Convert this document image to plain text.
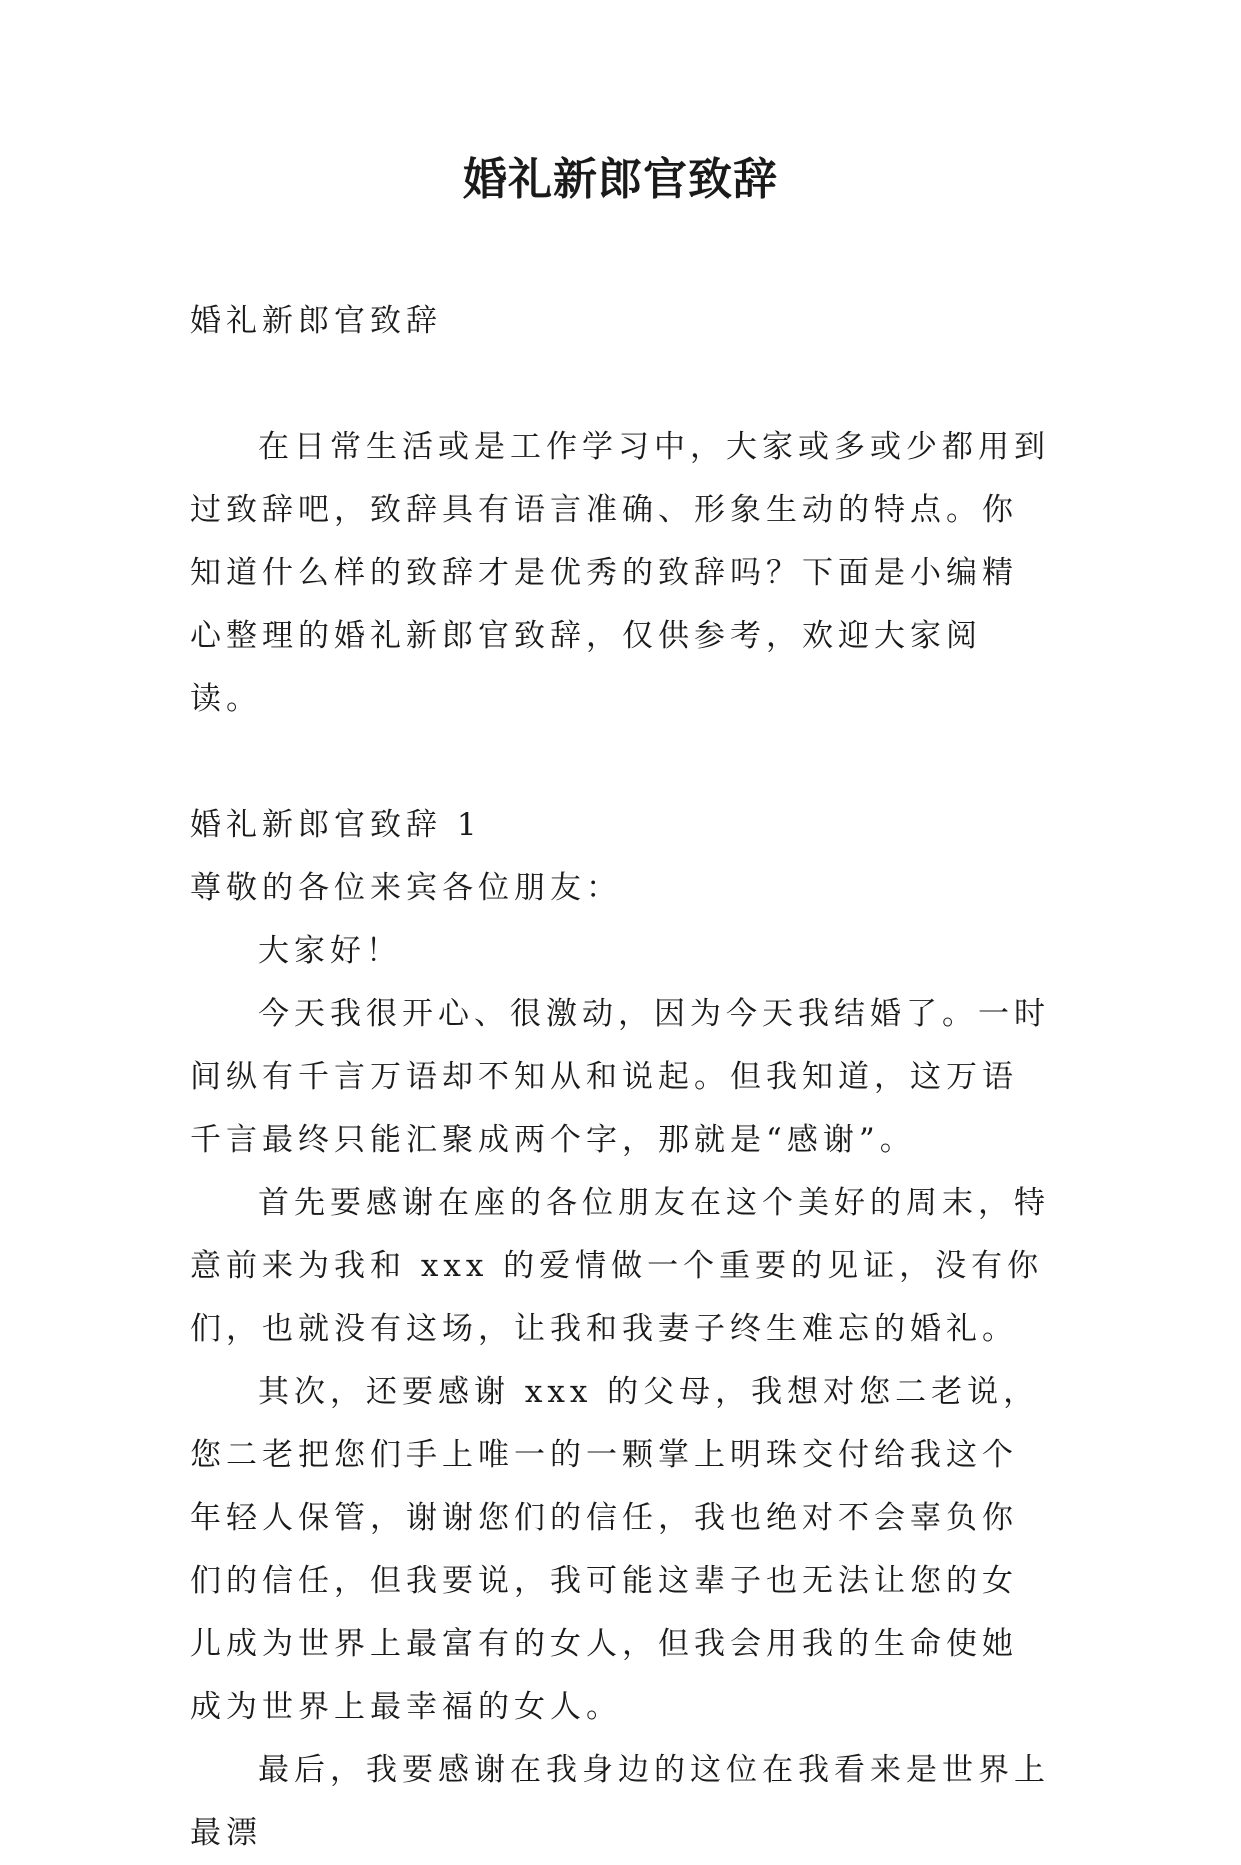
婚礼新郎官致辞

婚礼新郎官致辞

在日常生活或是工作学习中，大家或多或少都用到过致辞吧，致辞具有语言准确、形象生动的特点。你知道什么样的致辞才是优秀的致辞吗？下面是小编精心整理的婚礼新郎官致辞，仅供参考，欢迎大家阅读。

婚礼新郎官致辞 1

尊敬的各位来宾各位朋友：

大家好！

今天我很开心、很激动，因为今天我结婚了。一时间纵有千言万语却不知从和说起。但我知道，这万语千言最终只能汇聚成两个字，那就是“感谢”。

首先要感谢在座的各位朋友在这个美好的周末，特意前来为我和 xxx 的爱情做一个重要的见证，没有你们，也就没有这场，让我和我妻子终生难忘的婚礼。

其次，还要感谢 xxx 的父母，我想对您二老说，您二老把您们手上唯一的一颗掌上明珠交付给我这个年轻人保管，谢谢您们的信任，我也绝对不会辜负你们的信任，但我要说，我可能这辈子也无法让您的女儿成为世界上最富有的女人，但我会用我的生命使她成为世界上最幸福的女人。

最后，我要感谢在我身边的这位在我看来是世界上最漂
